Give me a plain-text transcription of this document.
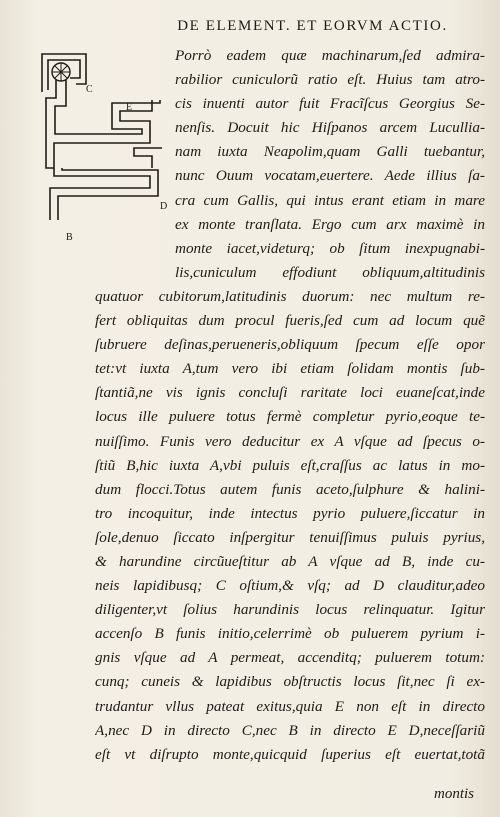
DE ELEMENT. ET EORVM ACTIO.
C
E
D
B
Porrò eadem quæ machinarum,ſed admira-
rabilior cuniculorũ ratio eſt. Huius tam atro-
cis inuenti autor fuit Fracĩſcus Georgius Se-
nenſis. Docuit hic Hiſpanos arcem Lucullia-
nam iuxta Neapolim,quam Galli tuebantur,
nunc Ouum vocatam,euertere. Aede illius ſa-
cra cum Gallis, qui intus erant etiam in mare
ex monte tranſlata. Ergo cum arx maximè in
monte iacet,videturq; ob ſitum inexpugnabi-
lis,cuniculum effodiunt obliquum,altitudinis
quatuor cubitorum,latitudinis duorum: nec multum re-
fert obliquitas dum procul fueris,ſed cum ad locum quẽ
ſubruere deſinas,perueneris,obliquum ſpecum eſſe opor
tet:vt iuxta A,tum vero ibi etiam ſolidam montis ſub-
ſtantiã,ne vis ignis concluſi raritate loci euaneſcat,inde
locus ille puluere totus fermè completur pyrio,eoque te-
nuiſſimo. Funis vero deducitur ex A vſque ad ſpecus o-
ſtiũ B,hic iuxta A,vbi puluis eſt,craſſus ac latus in mo-
dum flocci.Totus autem funis aceto,ſulphure & halini-
tro incoquitur, inde intectus pyrio puluere,ſiccatur in
ſole,denuo ſiccato inſpergitur tenuiſſimus puluis pyrius,
& harundine circũueſtitur ab A vſque ad B, inde cu-
neis lapidibusq; C oſtium,& vſq; ad D clauditur,adeo
diligenter,vt ſolius harundinis locus relinquatur. Igitur
accenſo B funis initio,celerrimè ob puluerem pyrium i-
gnis vſque ad A permeat, accenditq; puluerem totum:
cunq; cuneis & lapidibus obſtructis locus ſit,nec ſi ex-
trudantur vllus pateat exitus,quia E non eſt in directo
A,nec D in directo C,nec B in directo E D,neceſſariũ
eſt vt diſrupto monte,quicquid ſuperius eſt euertat,totã
montis
